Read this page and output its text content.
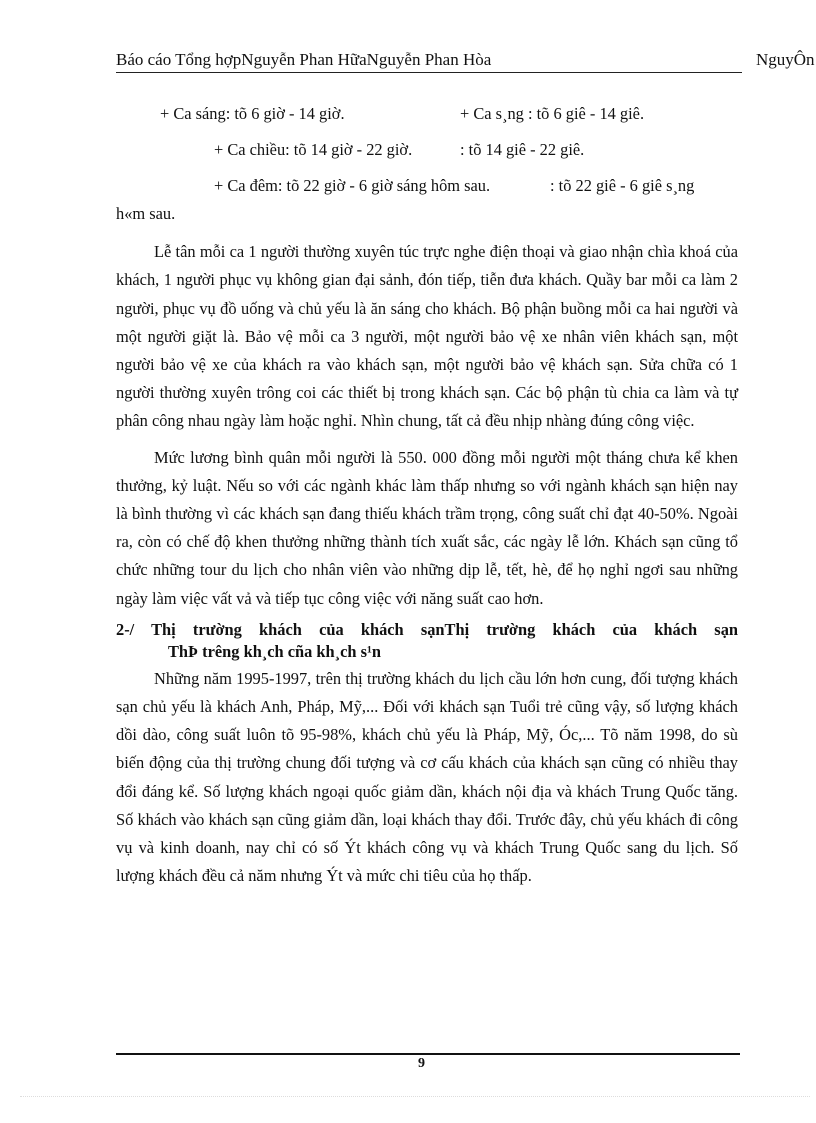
Báo cáo Tổng hợpNguyễn Phan HữaNguyễn Phan Hòa	NguyÔn
+ Ca sáng: tõ 6 giờ - 14 giờ.	+ Ca s¸ng : tõ 6 giê - 14 giê.
+ Ca chiều: tõ 14 giờ - 22 giờ.	: tõ 14 giê - 22 giê.
+ Ca đêm: tõ 22 giờ - 6 giờ sáng hôm sau.	: tõ 22 giê - 6 giê s¸ng

h«m sau.

Lễ tân mỗi ca 1 người thường xuyên túc trực nghe điện thoại và giao nhận chìa khoá của khách, 1 người phục vụ không gian đại sảnh, đón tiếp, tiễn đưa khách. Quầy bar mỗi ca làm 2 người, phục vụ đồ uống và chủ yếu là ăn sáng cho khách. Bộ phận buồng mỗi ca hai người và một người giặt là. Bảo vệ mỗi ca 3 người, một người bảo vệ xe nhân viên khách sạn, một người bảo vệ xe của khách ra vào khách sạn, một người bảo vệ khách sạn. Sửa chữa có 1 người thường xuyên trông coi các thiết bị trong khách sạn. Các bộ phận tù chia ca làm và tự phân công nhau ngày làm hoặc nghỉ. Nhìn chung, tất cả đều nhịp nhàng đúng công việc.

Mức lương bình quân mỗi người là 550. 000 đồng mỗi người một tháng chưa kể khen thưởng, kỷ luật. Nếu so với các ngành khác làm thấp nhưng so với ngành khách sạn hiện nay là bình thường vì các khách sạn đang thiếu khách trầm trọng, công suất chỉ đạt 40-50%. Ngoài ra, còn có chế độ khen thưởng những thành tích xuất sắc, các ngày lễ lớn. Khách sạn cũng tổ chức những tour du lịch cho nhân viên vào những dịp lễ, tết, hè, để họ nghỉ ngơi sau những ngày làm việc vất vả và tiếp tục công việc với năng suất cao hơn.

2-/ Thị trường khách của khách sạnThị trường khách của khách sạn

ThÞ trêng kh¸ch cña kh¸ch s¹n

Những năm 1995-1997, trên thị trường khách du lịch cầu lớn hơn cung, đối tượng khách sạn chủ yếu là khách Anh, Pháp, Mỹ,... Đối với khách sạn Tuổi trẻ cũng vậy, số lượng khách dồi dào, công suất luôn tõ 95-98%, khách chủ yếu là Pháp, Mỹ, Óc,... Tõ năm 1998, do sù biến động của thị trường chung đối tượng và cơ cấu khách của khách sạn cũng có nhiều thay đổi đáng kể. Số lượng khách ngoại quốc giảm dần, khách nội địa và khách Trung Quốc tăng. Số khách vào khách sạn cũng giảm dần, loại khách thay đổi. Trước đây, chủ yếu khách đi công vụ và kinh doanh, nay chỉ có số Ýt khách công vụ và khách Trung Quốc sang du lịch. Số lượng khách đều cả năm nhưng Ýt và mức chi tiêu của họ thấp.

9
